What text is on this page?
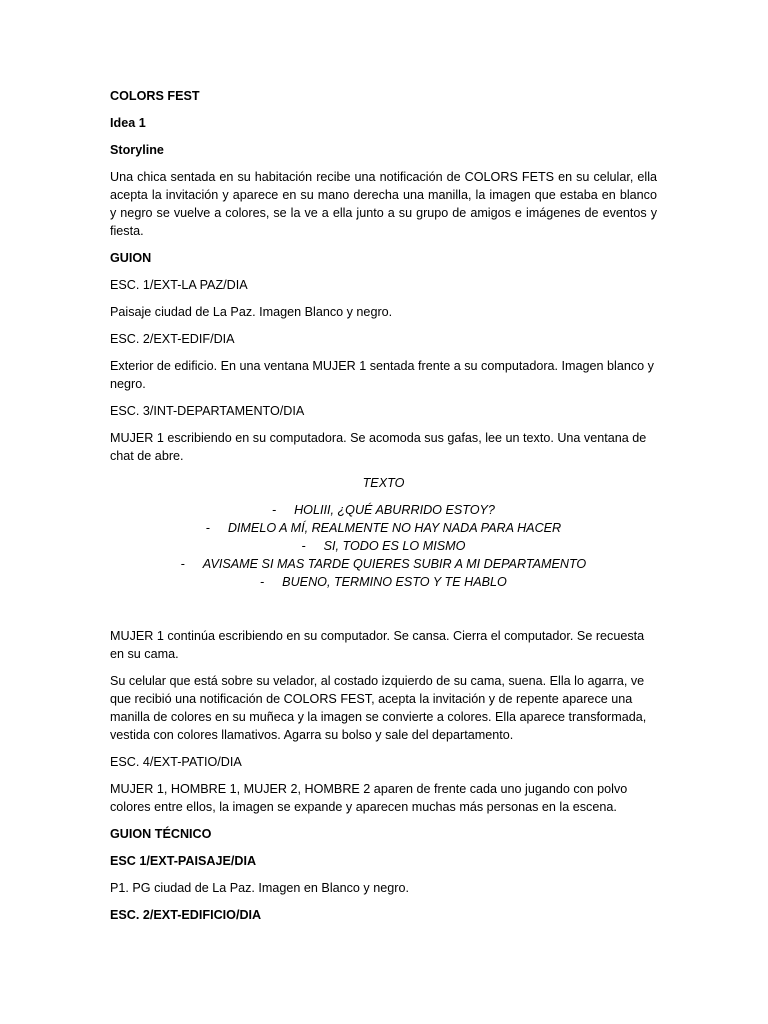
COLORS FEST

Idea 1

Storyline

Una chica sentada en su habitación recibe una notificación de COLORS FETS en su celular, ella acepta la invitación y aparece en su mano derecha una manilla, la imagen que estaba en blanco y negro se vuelve a colores, se la ve a ella junto a su grupo de amigos e imágenes de eventos y fiesta.

GUION

ESC. 1/EXT-LA PAZ/DIA

Paisaje ciudad de La Paz. Imagen Blanco y negro.

ESC. 2/EXT-EDIF/DIA

Exterior de edificio. En una ventana MUJER 1 sentada frente a su computadora. Imagen blanco y negro.

ESC. 3/INT-DEPARTAMENTO/DIA

MUJER 1 escribiendo en su computadora. Se acomoda sus gafas, lee un texto. Una ventana de chat de abre.

TEXTO

- HOLIII, ¿QUÉ ABURRIDO ESTOY?
- DIMELO A MÍ, REALMENTE NO HAY NADA PARA HACER
- SI, TODO ES LO MISMO
- AVISAME SI MAS TARDE QUIERES SUBIR A MI DEPARTAMENTO
- BUENO, TERMINO ESTO Y TE HABLO

MUJER 1 continúa escribiendo en su computador. Se cansa. Cierra el computador. Se recuesta en su cama.

Su celular que está sobre su velador, al costado izquierdo de su cama, suena. Ella lo agarra, ve que recibió una notificación de COLORS FEST, acepta la invitación y de repente aparece una manilla de colores en su muñeca y la imagen se convierte a colores. Ella aparece transformada, vestida con colores llamativos. Agarra su bolso y sale del departamento.

ESC. 4/EXT-PATIO/DIA

MUJER 1, HOMBRE 1, MUJER 2, HOMBRE 2 aparen de frente cada uno jugando con polvo colores entre ellos, la imagen se expande y aparecen muchas más personas en la escena.

GUION TÉCNICO

ESC 1/EXT-PAISAJE/DIA

P1. PG ciudad de La Paz. Imagen en Blanco y negro.

ESC. 2/EXT-EDIFICIO/DIA
